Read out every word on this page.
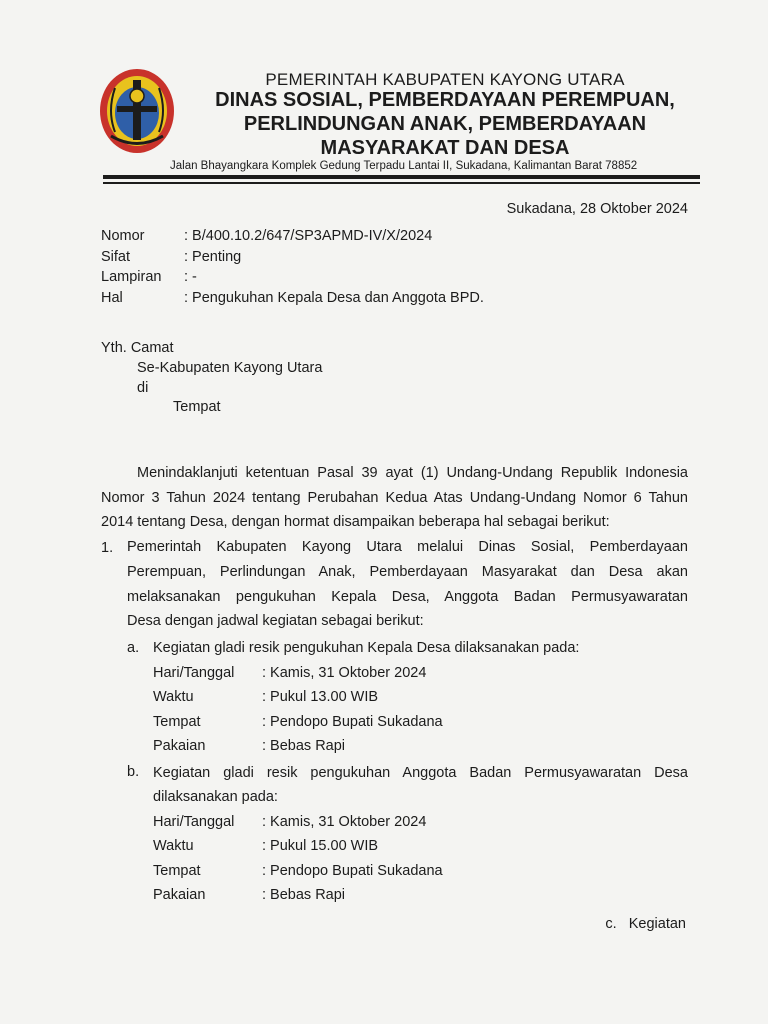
PEMERINTAH KABUPATEN KAYONG UTARA
DINAS SOSIAL, PEMBERDAYAAN PEREMPUAN,
PERLINDUNGAN ANAK, PEMBERDAYAAN
MASYARAKAT DAN DESA
Jalan Bhayangkara Komplek Gedung Terpadu Lantai II, Sukadana, Kalimantan Barat 78852
Sukadana, 28 Oktober 2024
Nomor	: B/400.10.2/647/SP3APMD-IV/X/2024
Sifat	: Penting
Lampiran : -
Hal	: Pengukuhan Kepala Desa dan Anggota BPD.
Yth. Camat
Se-Kabupaten Kayong Utara
di
Tempat
Menindaklanjuti ketentuan Pasal 39 ayat (1) Undang-Undang Republik Indonesia
Nomor 3 Tahun 2024 tentang Perubahan Kedua Atas Undang-Undang Nomor 6 Tahun
2014 tentang Desa, dengan hormat disampaikan beberapa hal sebagai berikut:
1. Pemerintah Kabupaten Kayong Utara melalui Dinas Sosial, Pemberdayaan
Perempuan, Perlindungan Anak, Pemberdayaan Masyarakat dan Desa akan
melaksanakan pengukuhan Kepala Desa, Anggota Badan Permusyawaratan
Desa dengan jadwal kegiatan sebagai berikut:
a. Kegiatan gladi resik pengukuhan Kepala Desa dilaksanakan pada:
Hari/Tanggal : Kamis, 31 Oktober 2024
Waktu	: Pukul 13.00 WIB
Tempat	: Pendopo Bupati Sukadana
Pakaian	: Bebas Rapi
b. Kegiatan gladi resik pengukuhan Anggota Badan Permusyawaratan Desa
dilaksanakan pada:
Hari/Tanggal : Kamis, 31 Oktober 2024
Waktu	: Pukul 15.00 WIB
Tempat	: Pendopo Bupati Sukadana
Pakaian	: Bebas Rapi
c.   Kegiatan
